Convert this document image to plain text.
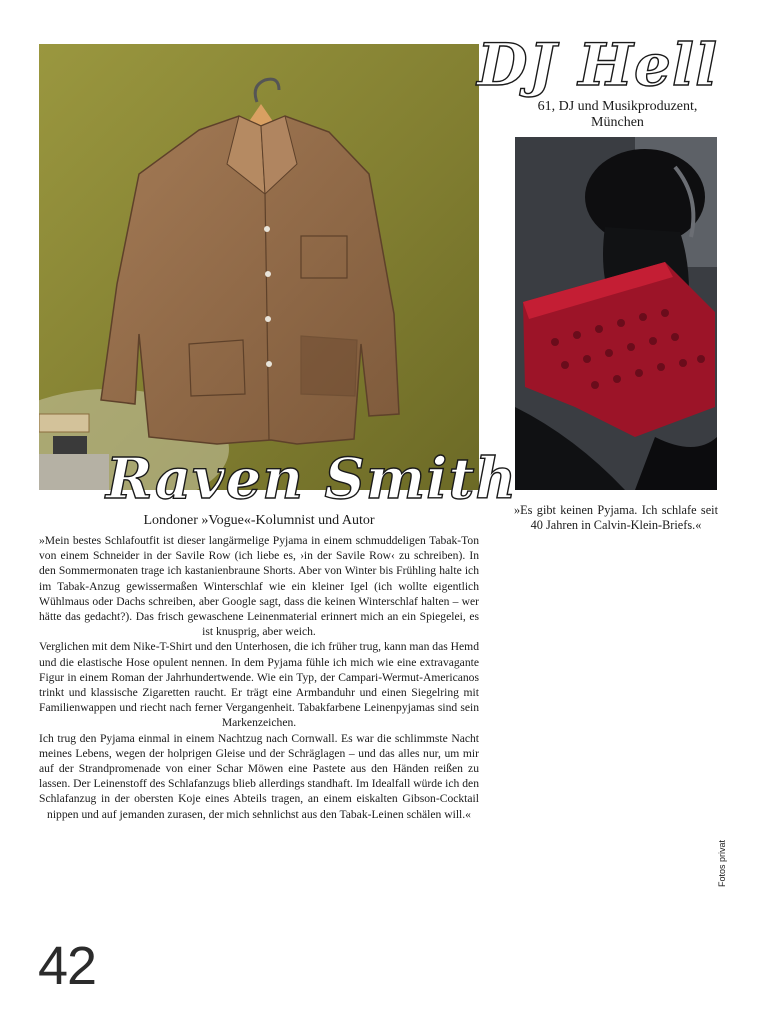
DJ Hell
61, DJ und Musikproduzent,
München
Raven Smith
Londoner »Vogue«-Kolumnist und Autor
»Es gibt keinen Pyjama. Ich schlafe seit 40 Jahren in Calvin-Klein-Briefs.«

»Mein bestes Schlafoutfit ist dieser langärmelige Pyjama in einem schmuddeligen Tabak-Ton von einem Schneider in der Savile Row (ich liebe es, ›in der Savile Row‹ zu schreiben). In den Sommermonaten trage ich kastanienbraune Shorts. Aber von Winter bis Frühling halte ich im Tabak-Anzug gewissermaßen Winterschlaf wie ein kleiner Igel (ich wollte eigentlich Wühlmaus oder Dachs schreiben, aber Google sagt, dass die keinen Winterschlaf halten – wer hätte das gedacht?). Das frisch gewaschene Leinenmaterial erinnert mich an ein Spiegelei, es ist knusprig, aber weich.

Verglichen mit dem Nike-T-Shirt und den Unterhosen, die ich früher trug, kann man das Hemd und die elastische Hose opulent nennen. In dem Pyjama fühle ich mich wie eine extravagante Figur in einem Roman der Jahrhundertwende. Wie ein Typ, der Campari-Wermut-Americanos trinkt und klassische Zigaretten raucht. Er trägt eine Armbanduhr und einen Siegelring mit Familienwappen und riecht nach ferner Vergangenheit. Tabakfarbene Leinenpyjamas sind sein Markenzeichen.

Ich trug den Pyjama einmal in einem Nachtzug nach Cornwall. Es war die schlimmste Nacht meines Lebens, wegen der holprigen Gleise und der Schräglagen – und das alles nur, um mir auf der Strandpromenade von einer Schar Möwen eine Pastete aus den Händen reißen zu lassen. Der Leinenstoff des Schlafanzugs blieb allerdings standhaft. Im Idealfall würde ich den Schlafanzug in der obersten Koje eines Abteils tragen, an einem eiskalten Gibson-Cocktail nippen und auf jemanden zurasen, der mich sehnlichst aus den Tabak-Leinen schälen will.«

Fotos privat
42
